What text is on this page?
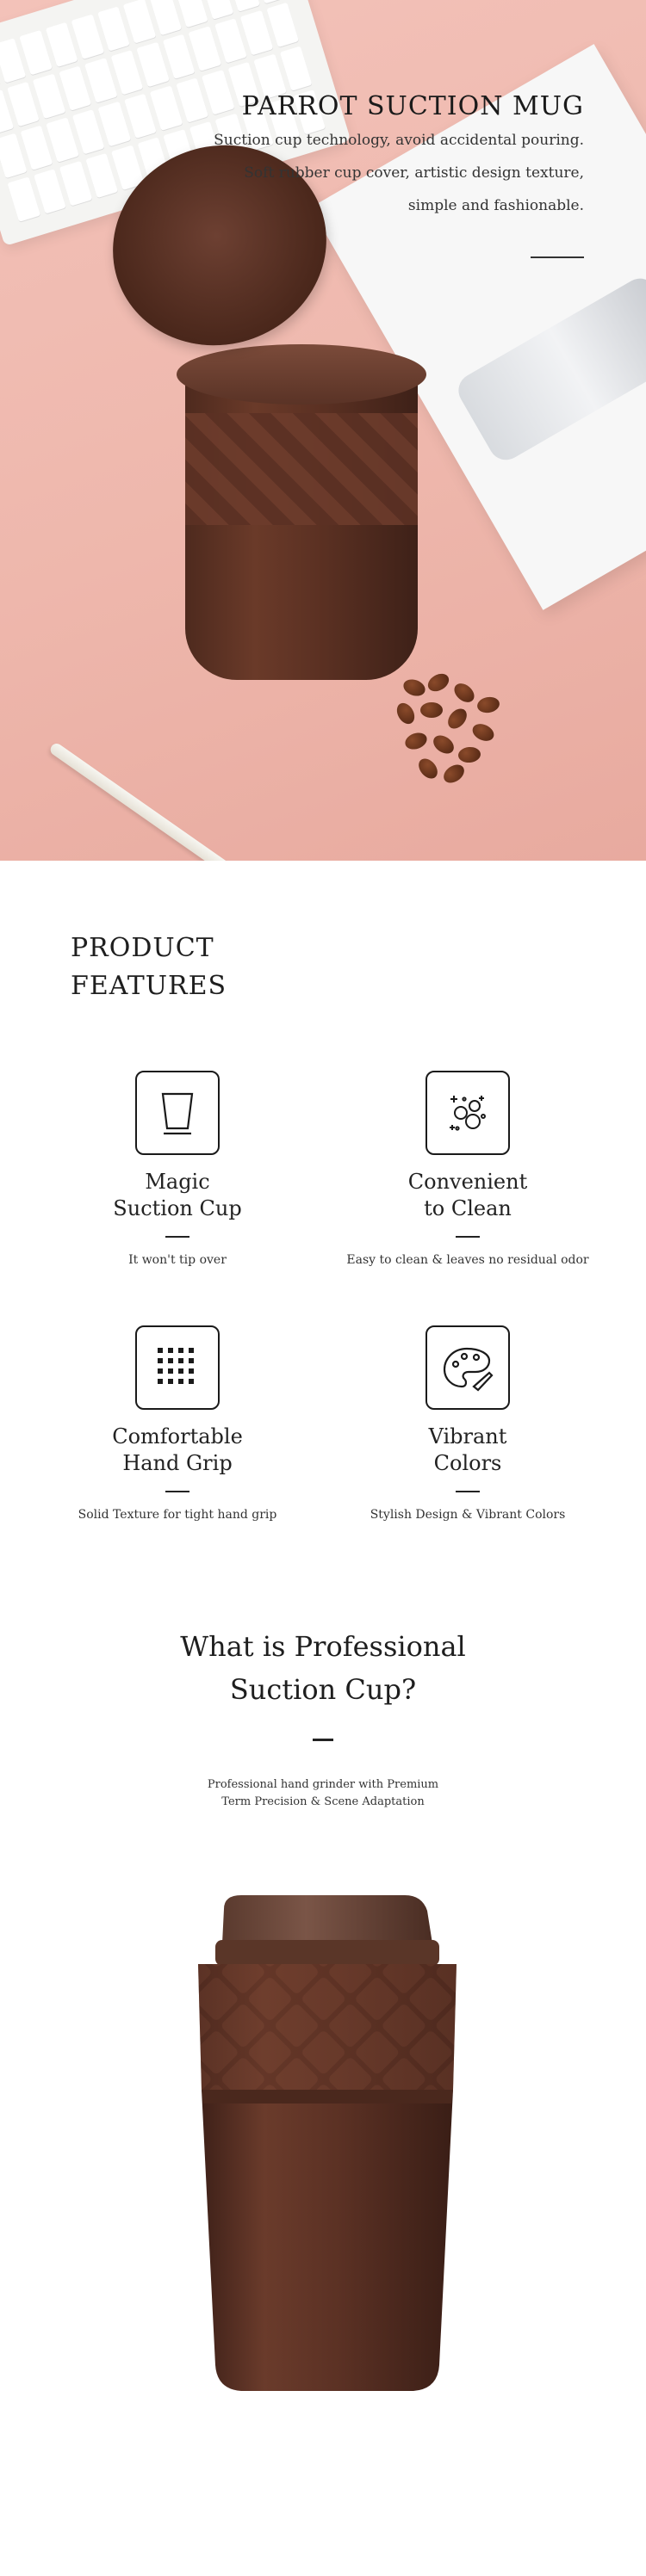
PARROT SUCTION MUG
Suction cup technology, avoid accidental pouring.
Soft rubber cup cover, artistic design texture,
simple and fashionable.
PRODUCT
FEATURES
Magic
Suction Cup
It won't tip over
Convenient
to Clean
Easy to clean & leaves no residual odor
Comfortable
Hand Grip
Solid Texture for tight hand grip
Vibrant
Colors
Stylish Design & Vibrant Colors
What is Professional
Suction Cup?
Professional hand grinder with Premium
Term Precision & Scene Adaptation
